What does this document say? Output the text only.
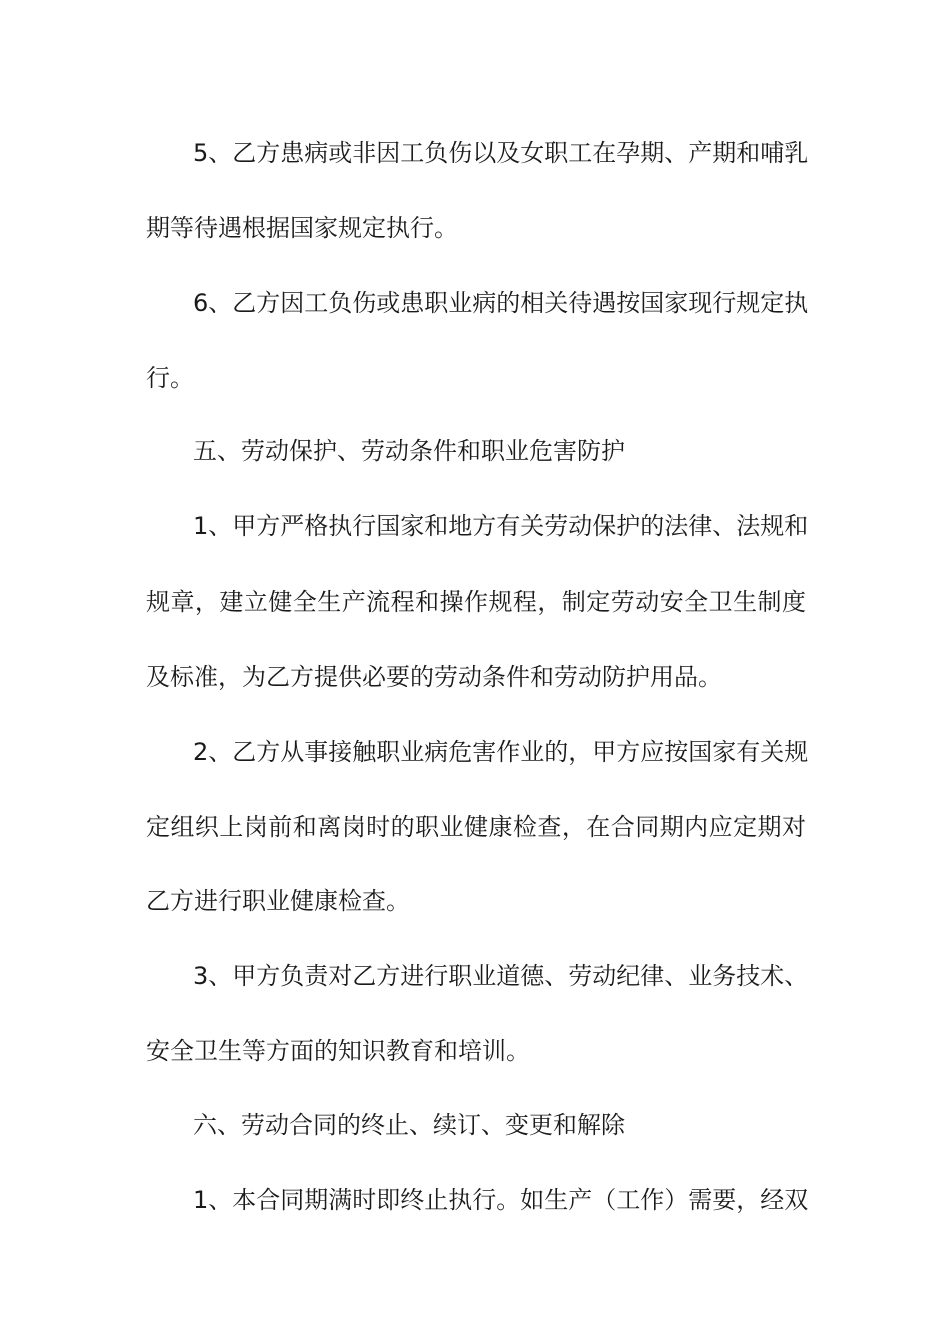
5、乙方患病或非因工负伤以及女职工在孕期、产期和哺乳
期等待遇根据国家规定执行。
6、乙方因工负伤或患职业病的相关待遇按国家现行规定执
行。
五、劳动保护、劳动条件和职业危害防护
1、甲方严格执行国家和地方有关劳动保护的法律、法规和
规章，建立健全生产流程和操作规程，制定劳动安全卫生制度
及标准，为乙方提供必要的劳动条件和劳动防护用品。
2、乙方从事接触职业病危害作业的，甲方应按国家有关规
定组织上岗前和离岗时的职业健康检查，在合同期内应定期对
乙方进行职业健康检查。
3、甲方负责对乙方进行职业道德、劳动纪律、业务技术、
安全卫生等方面的知识教育和培训。
六、劳动合同的终止、续订、变更和解除
1、本合同期满时即终止执行。如生产（工作）需要，经双
